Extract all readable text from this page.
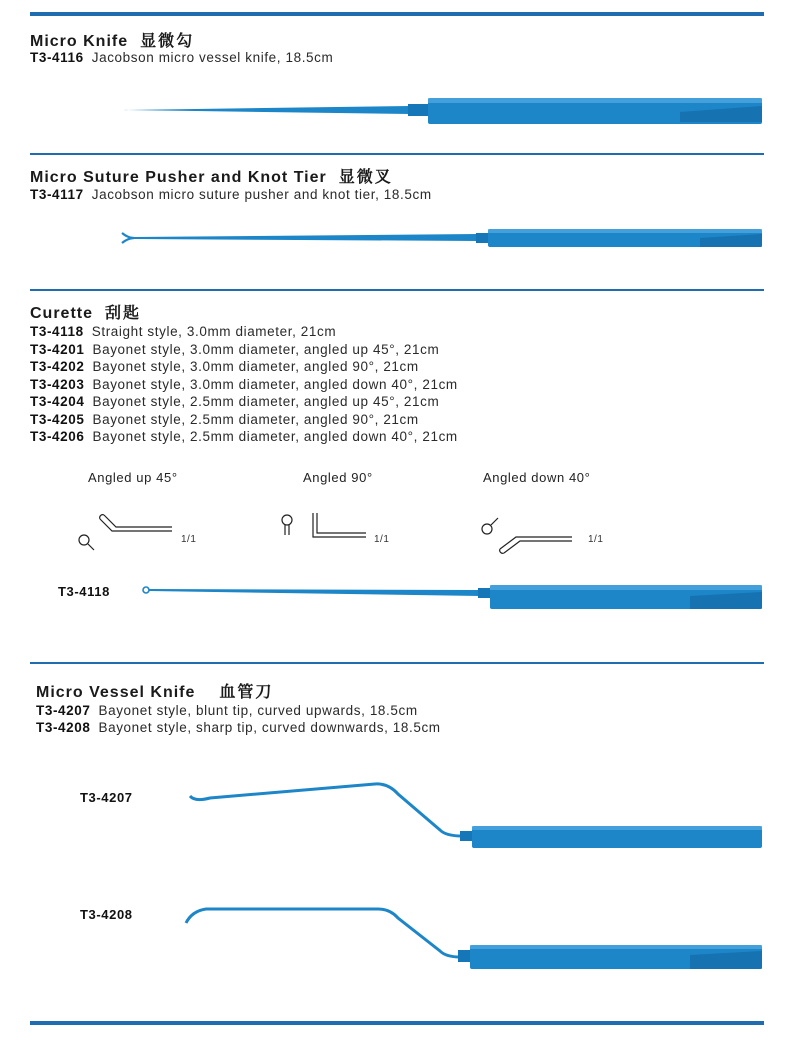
Micro Knife 显微勾
T3-4116 Jacobson micro vessel knife, 18.5cm
Micro Suture Pusher and Knot Tier 显微叉
T3-4117 Jacobson micro suture pusher and knot tier, 18.5cm
Curette 刮匙
T3-4118 Straight style, 3.0mm diameter, 21cm
T3-4201 Bayonet style, 3.0mm diameter, angled up 45°, 21cm
T3-4202 Bayonet style, 3.0mm diameter, angled 90°, 21cm
T3-4203 Bayonet style, 3.0mm diameter, angled down 40°, 21cm
T3-4204 Bayonet style, 2.5mm diameter, angled up 45°, 21cm
T3-4205 Bayonet style, 2.5mm diameter, angled 90°, 21cm
T3-4206 Bayonet style, 2.5mm diameter, angled down 40°, 21cm
Angled up 45°	Angled 90°	Angled down 40°
1/1	1/1	1/1
T3-4118
Micro Vessel Knife 血管刀
T3-4207 Bayonet style, blunt tip, curved upwards, 18.5cm
T3-4208 Bayonet style, sharp tip, curved downwards, 18.5cm
T3-4207
T3-4208
